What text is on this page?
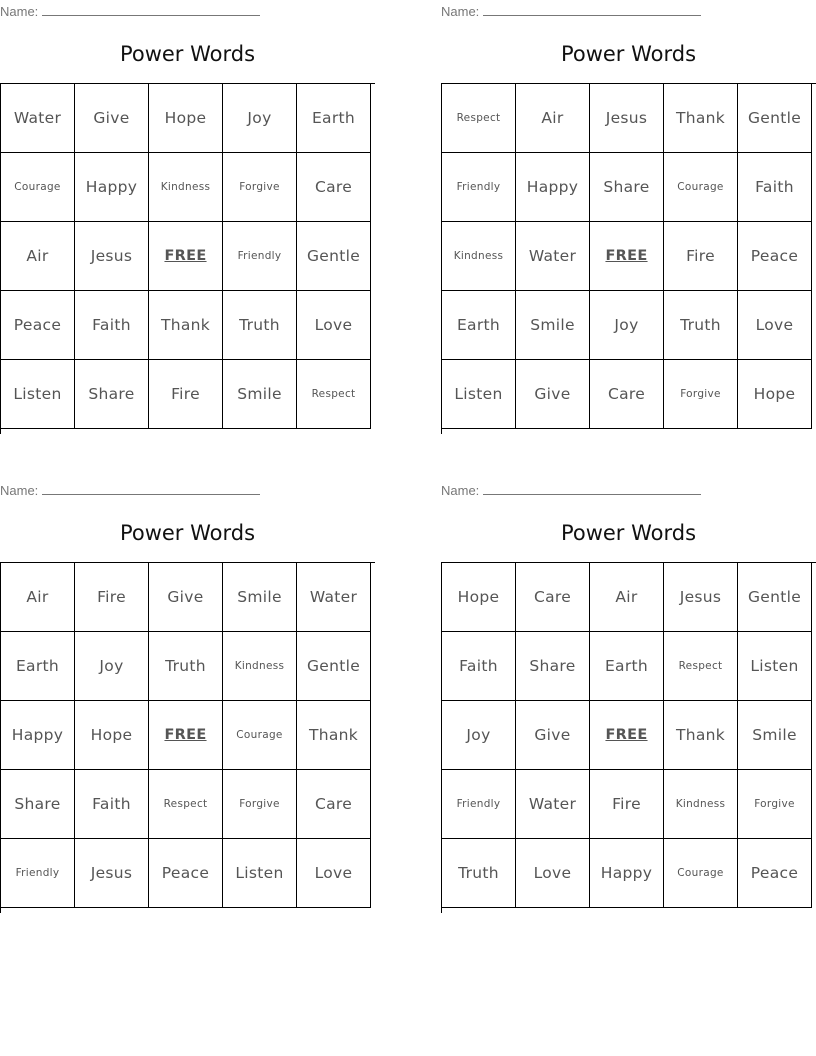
Name:
Power Words
Water	Give	Hope	Joy	Earth
Courage	Happy	Kindness	Forgive	Care
Air	Jesus	FREE	Friendly	Gentle
Peace	Faith	Thank	Truth	Love
Listen	Share	Fire	Smile	Respect
Name:
Power Words
Respect	Air	Jesus	Thank	Gentle
Friendly	Happy	Share	Courage	Faith
Kindness	Water	FREE	Fire	Peace
Earth	Smile	Joy	Truth	Love
Listen	Give	Care	Forgive	Hope
Name:
Power Words
Air	Fire	Give	Smile	Water
Earth	Joy	Truth	Kindness	Gentle
Happy	Hope	FREE	Courage	Thank
Share	Faith	Respect	Forgive	Care
Friendly	Jesus	Peace	Listen	Love
Name:
Power Words
Hope	Care	Air	Jesus	Gentle
Faith	Share	Earth	Respect	Listen
Joy	Give	FREE	Thank	Smile
Friendly	Water	Fire	Kindness	Forgive
Truth	Love	Happy	Courage	Peace
